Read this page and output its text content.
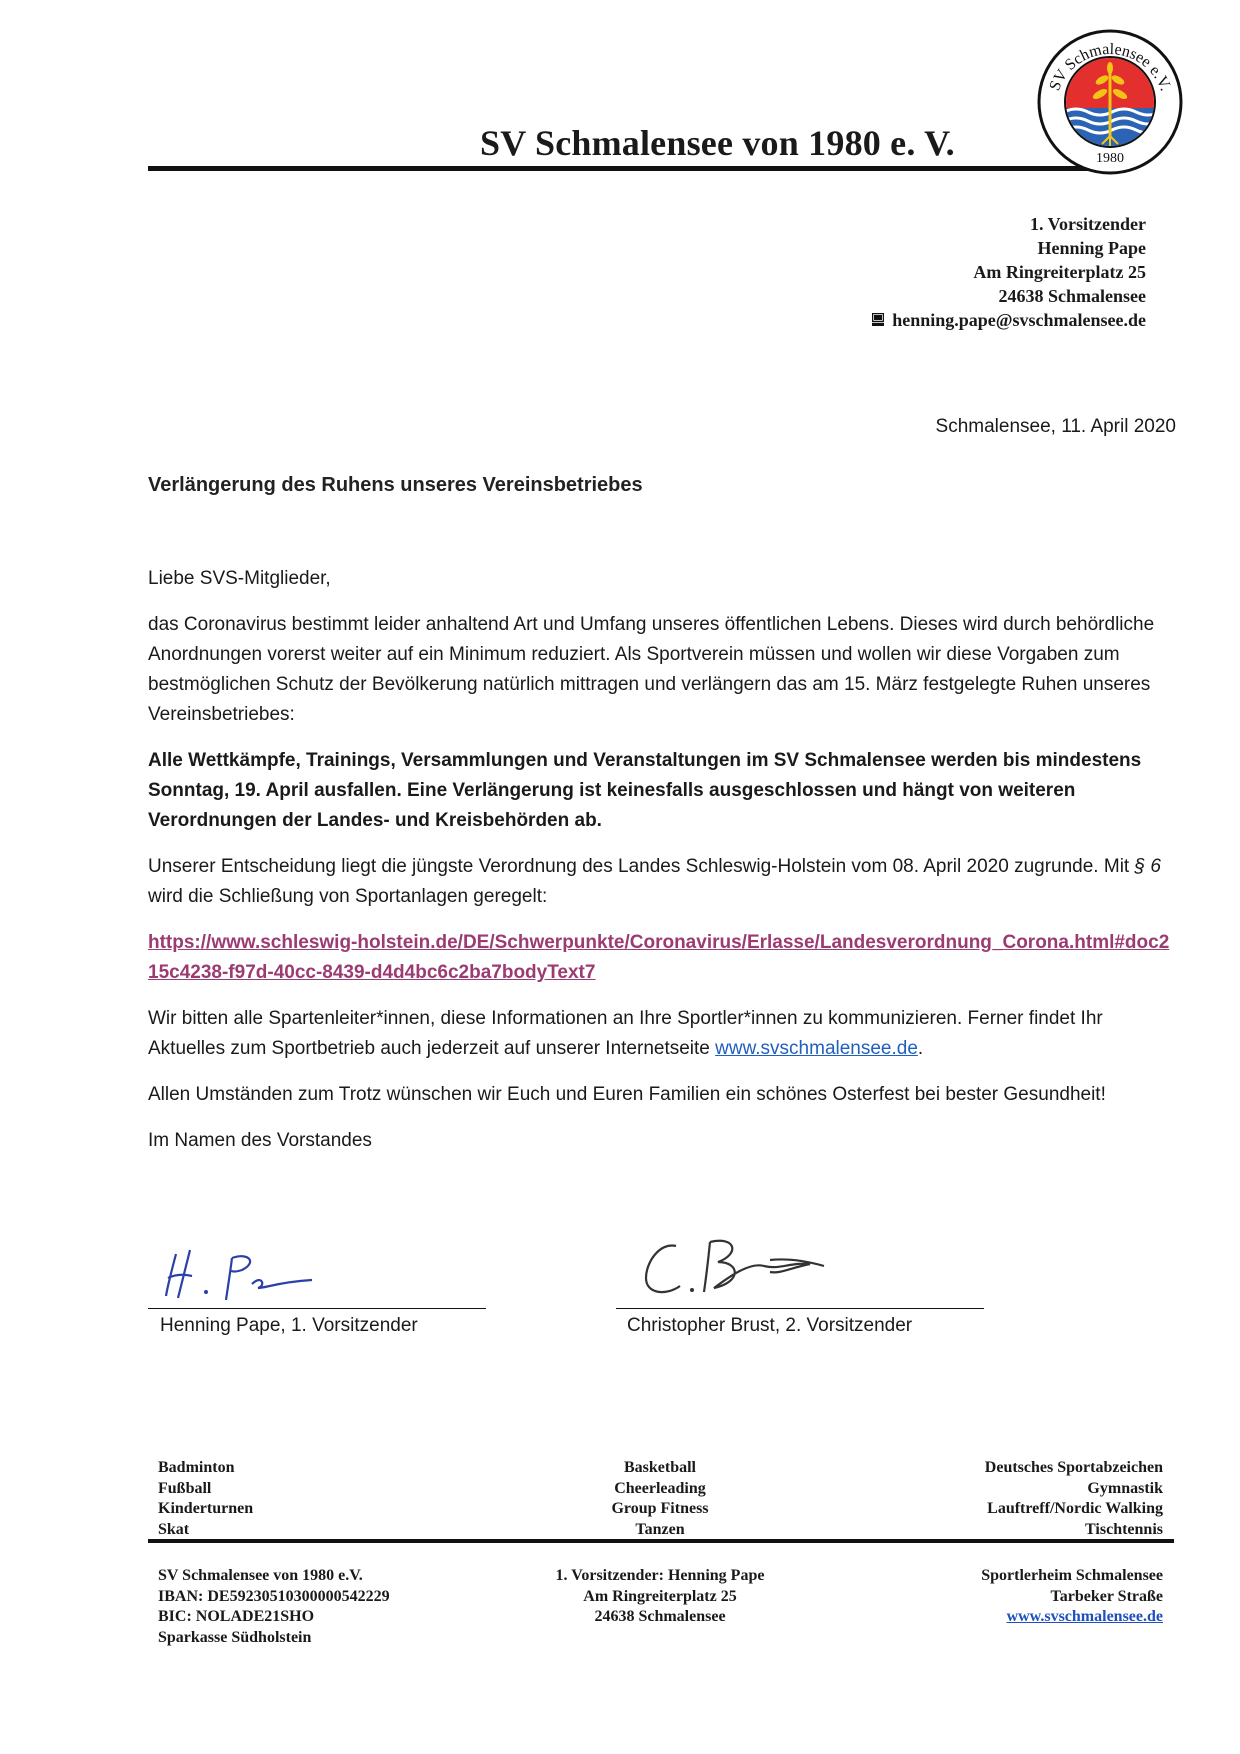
SV Schmalensee von 1980 e. V.
SV Schmalensee e.V.
1980
1. Vorsitzender
Henning Pape
Am Ringreiterplatz 25
24638 Schmalensee
henning.pape@svschmalensee.de
Schmalensee, 11. April 2020
Verlängerung des Ruhens unseres Vereinsbetriebes

Liebe SVS-Mitglieder,

das Coronavirus bestimmt leider anhaltend Art und Umfang unseres öffentlichen Lebens. Dieses wird durch behördliche Anordnungen vorerst weiter auf ein Minimum reduziert. Als Sportverein müssen und wollen wir diese Vorgaben zum bestmöglichen Schutz der Bevölkerung natürlich mittragen und verlängern das am 15. März festgelegte Ruhen unseres Vereinsbetriebes:

Alle Wettkämpfe, Trainings, Versammlungen und Veranstaltungen im SV Schmalensee werden bis mindestens Sonntag, 19. April ausfallen. Eine Verlängerung ist keinesfalls ausgeschlossen und hängt von weiteren Verordnungen der Landes- und Kreisbehörden ab.

Unserer Entscheidung liegt die jüngste Verordnung des Landes Schleswig-Holstein vom 08. April 2020 zugrunde. Mit § 6 wird die Schließung von Sportanlagen geregelt:

https://www.schleswig-holstein.de/DE/Schwerpunkte/Coronavirus/Erlasse/Landesverordnung_Corona.html#doc215c4238-f97d-40cc-8439-d4d4bc6c2ba7bodyText7

Wir bitten alle Spartenleiter*innen, diese Informationen an Ihre Sportler*innen zu kommunizieren. Ferner findet Ihr Aktuelles zum Sportbetrieb auch jederzeit auf unserer Internetseite www.svschmalensee.de.

Allen Umständen zum Trotz wünschen wir Euch und Euren Familien ein schönes Osterfest bei bester Gesundheit!

Im Namen des Vorstandes

Henning Pape, 1. Vorsitzender	Christopher Brust, 2. Vorsitzender
Badminton
Fußball
Kinderturnen
Skat
Basketball
Cheerleading
Group Fitness
Tanzen
Deutsches Sportabzeichen
Gymnastik
Lauftreff/Nordic Walking
Tischtennis
SV Schmalensee von 1980 e.V.
IBAN: DE59230510300000542229
BIC: NOLADE21SHO
Sparkasse Südholstein
1. Vorsitzender: Henning Pape
Am Ringreiterplatz 25
24638 Schmalensee
Sportlerheim Schmalensee
Tarbeker Straße
www.svschmalensee.de
